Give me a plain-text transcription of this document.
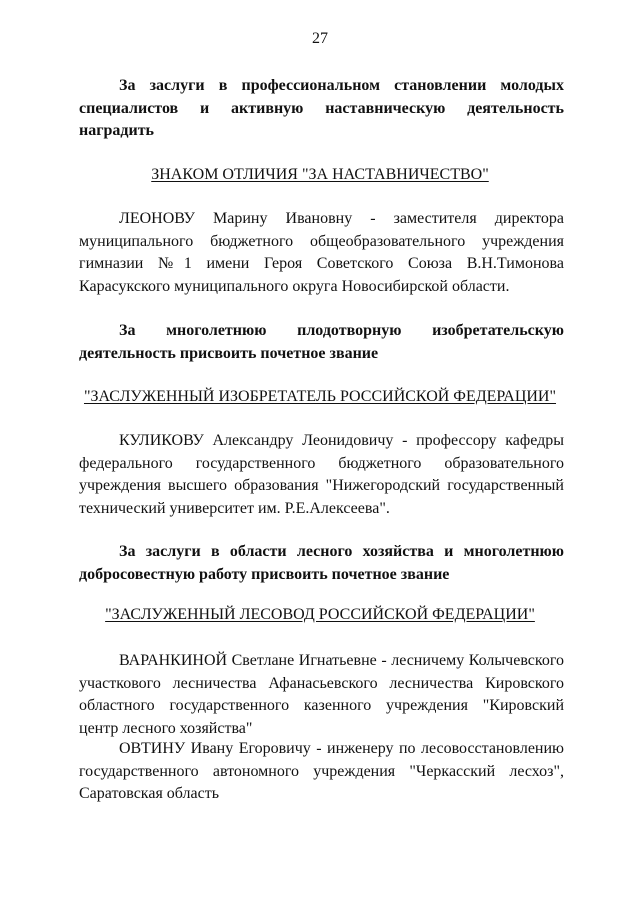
27
За заслуги в профессиональном становлении молодых специалистов и активную наставническую деятельность наградить
ЗНАКОМ ОТЛИЧИЯ "ЗА НАСТАВНИЧЕСТВО"
ЛЕОНОВУ Марину Ивановну - заместителя директора муниципального бюджетного общеобразовательного учреждения гимназии №1 имени Героя Советского Союза В.Н.Тимонова Карасукского муниципального округа Новосибирской области.
За многолетнюю плодотворную изобретательскую деятельность присвоить почетное звание
"ЗАСЛУЖЕННЫЙ ИЗОБРЕТАТЕЛЬ РОССИЙСКОЙ ФЕДЕРАЦИИ"
КУЛИКОВУ Александру Леонидовичу - профессору кафедры федерального государственного бюджетного образовательного учреждения высшего образования "Нижегородский государственный технический университет им. Р.Е.Алексеева".
За заслуги в области лесного хозяйства и многолетнюю добросовестную работу присвоить почетное звание
"ЗАСЛУЖЕННЫЙ ЛЕСОВОД РОССИЙСКОЙ ФЕДЕРАЦИИ"
ВАРАНКИНОЙ Светлане Игнатьевне - лесничему Колычевского участкового лесничества Афанасьевского лесничества Кировского областного государственного казенного учреждения "Кировский центр лесного хозяйства"
ОВТИНУ Ивану Егоровичу - инженеру по лесовосстановлению государственного автономного учреждения "Черкасский лесхоз", Саратовская область
